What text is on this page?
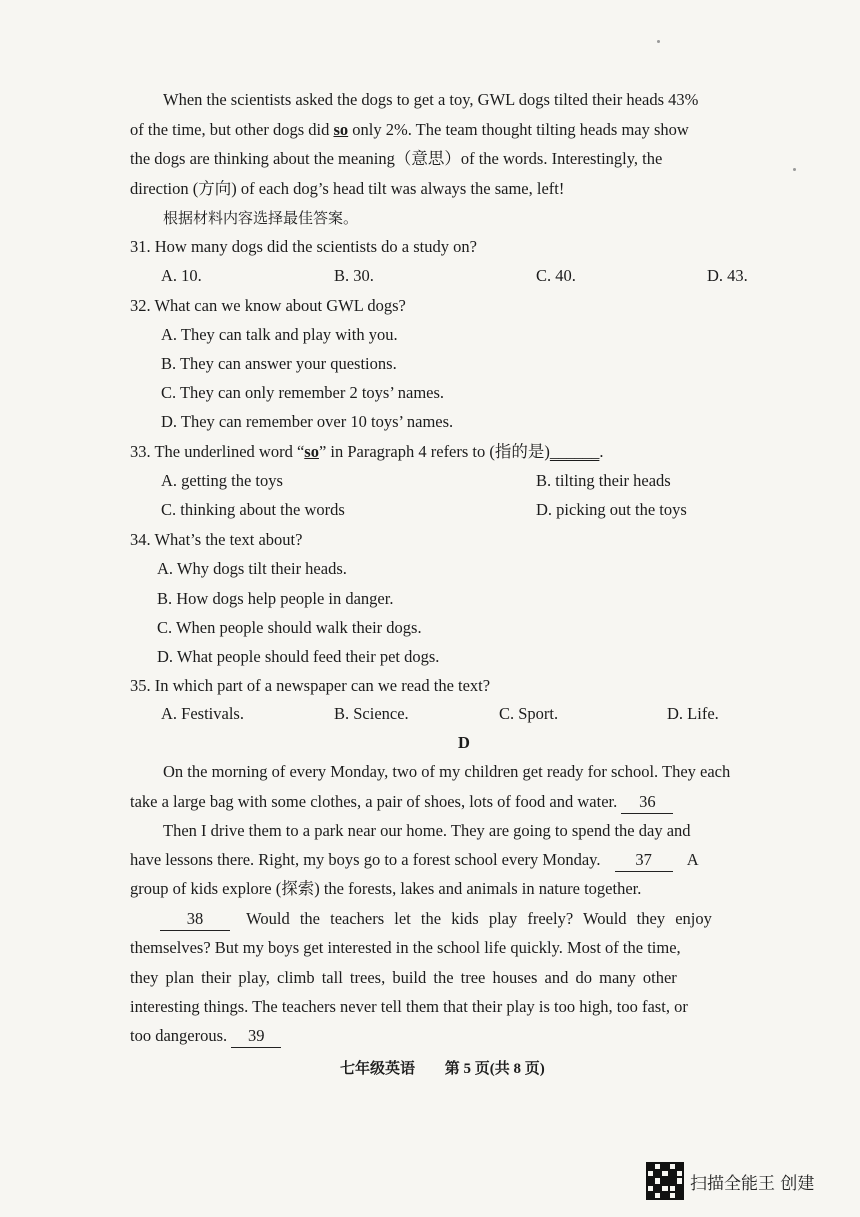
When the scientists asked the dogs to get a toy, GWL dogs tilted their heads 43%
of the time, but other dogs did so only 2%. The team thought tilting heads may show
the dogs are thinking about the meaning（意思）of the words. Interestingly, the
direction (方向) of each dog’s head tilt was always the same, left!
根据材料内容选择最佳答案。
31. How many dogs did the scientists do a study on?
A. 10.	B. 30.	C. 40.	D. 43.
32. What can we know about GWL dogs?
A. They can talk and play with you.
B. They can answer your questions.
C. They can only remember 2 toys’ names.
D. They can remember over 10 toys’ names.
33. The underlined word “so” in Paragraph 4 refers to (指的是)______.
A. getting the toys	B. tilting their heads
C. thinking about the words	D. picking out the toys
34. What’s the text about?
A. Why dogs tilt their heads.
B. How dogs help people in danger.
C. When people should walk their dogs.
D. What people should feed their pet dogs.
35. In which part of a newspaper can we read the text?
A. Festivals.	B. Science.	C. Sport.	D. Life.
D
On the morning of every Monday, two of my children get ready for school. They each
take a large bag with some clothes, a pair of shoes, lots of food and water. 36
Then I drive them to a park near our home. They are going to spend the day and
have lessons there. Right, my boys go to a forest school every Monday. 37 A
group of kids explore (探索) the forests, lakes and animals in nature together.
38	Would the teachers let the kids play freely? Would they enjoy
themselves? But my boys get interested in the school life quickly. Most of the time,
they plan their play, climb tall trees, build the tree houses and do many other
interesting things. The teachers never tell them that their play is too high, too fast, or
too dangerous. 39
七年级英语 第 5 页(共 8 页)
扫描全能王 创建
